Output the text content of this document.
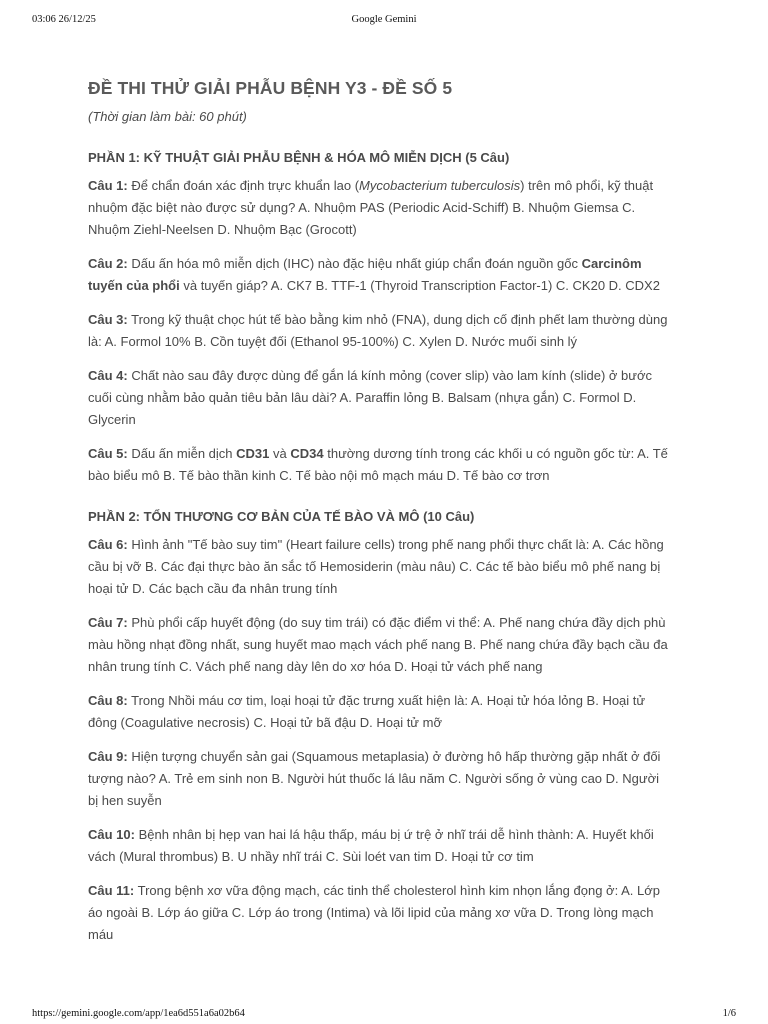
03:06 26/12/25	Google Gemini
ĐỀ THI THỬ GIẢI PHẪU BỆNH Y3 - ĐỀ SỐ 5

(Thời gian làm bài: 60 phút)

PHẦN 1: KỸ THUẬT GIẢI PHẪU BỆNH & HÓA MÔ MIỄN DỊCH (5 Câu)

Câu 1: Để chẩn đoán xác định trực khuẩn lao (Mycobacterium tuberculosis) trên mô phổi, kỹ thuật nhuộm đặc biệt nào được sử dụng? A. Nhuộm PAS (Periodic Acid-Schiff) B. Nhuộm Giemsa C. Nhuộm Ziehl-Neelsen D. Nhuộm Bạc (Grocott)

Câu 2: Dấu ấn hóa mô miễn dịch (IHC) nào đặc hiệu nhất giúp chẩn đoán nguồn gốc Carcinôm tuyến của phổi và tuyến giáp? A. CK7 B. TTF-1 (Thyroid Transcription Factor-1) C. CK20 D. CDX2

Câu 3: Trong kỹ thuật chọc hút tế bào bằng kim nhỏ (FNA), dung dịch cố định phết lam thường dùng là: A. Formol 10% B. Cồn tuyệt đối (Ethanol 95-100%) C. Xylen D. Nước muối sinh lý

Câu 4: Chất nào sau đây được dùng để gắn lá kính mỏng (cover slip) vào lam kính (slide) ở bước cuối cùng nhằm bảo quản tiêu bản lâu dài? A. Paraffin lỏng B. Balsam (nhựa gắn) C. Formol D. Glycerin

Câu 5: Dấu ấn miễn dịch CD31 và CD34 thường dương tính trong các khối u có nguồn gốc từ: A. Tế bào biểu mô B. Tế bào thần kinh C. Tế bào nội mô mạch máu D. Tế bào cơ trơn

PHẦN 2: TỔN THƯƠNG CƠ BẢN CỦA TẾ BÀO VÀ MÔ (10 Câu)

Câu 6: Hình ảnh "Tế bào suy tim" (Heart failure cells) trong phế nang phổi thực chất là: A. Các hồng cầu bị vỡ B. Các đại thực bào ăn sắc tố Hemosiderin (màu nâu) C. Các tế bào biểu mô phế nang bị hoại tử D. Các bạch cầu đa nhân trung tính

Câu 7: Phù phổi cấp huyết động (do suy tim trái) có đặc điểm vi thể: A. Phế nang chứa đầy dịch phù màu hồng nhạt đồng nhất, sung huyết mao mạch vách phế nang B. Phế nang chứa đầy bạch cầu đa nhân trung tính C. Vách phế nang dày lên do xơ hóa D. Hoại tử vách phế nang

Câu 8: Trong Nhồi máu cơ tim, loại hoại tử đặc trưng xuất hiện là: A. Hoại tử hóa lỏng B. Hoại tử đông (Coagulative necrosis) C. Hoại tử bã đậu D. Hoại tử mỡ

Câu 9: Hiện tượng chuyển sản gai (Squamous metaplasia) ở đường hô hấp thường gặp nhất ở đối tượng nào? A. Trẻ em sinh non B. Người hút thuốc lá lâu năm C. Người sống ở vùng cao D. Người bị hen suyễn

Câu 10: Bệnh nhân bị hẹp van hai lá hậu thấp, máu bị ứ trệ ở nhĩ trái dễ hình thành: A. Huyết khối vách (Mural thrombus) B. U nhầy nhĩ trái C. Sùi loét van tim D. Hoại tử cơ tim

Câu 11: Trong bệnh xơ vữa động mạch, các tinh thể cholesterol hình kim nhọn lắng đọng ở: A. Lớp áo ngoài B. Lớp áo giữa C. Lớp áo trong (Intima) và lõi lipid của mảng xơ vữa D. Trong lòng mạch máu

https://gemini.google.com/app/1ea6d551a6a02b64	1/6
